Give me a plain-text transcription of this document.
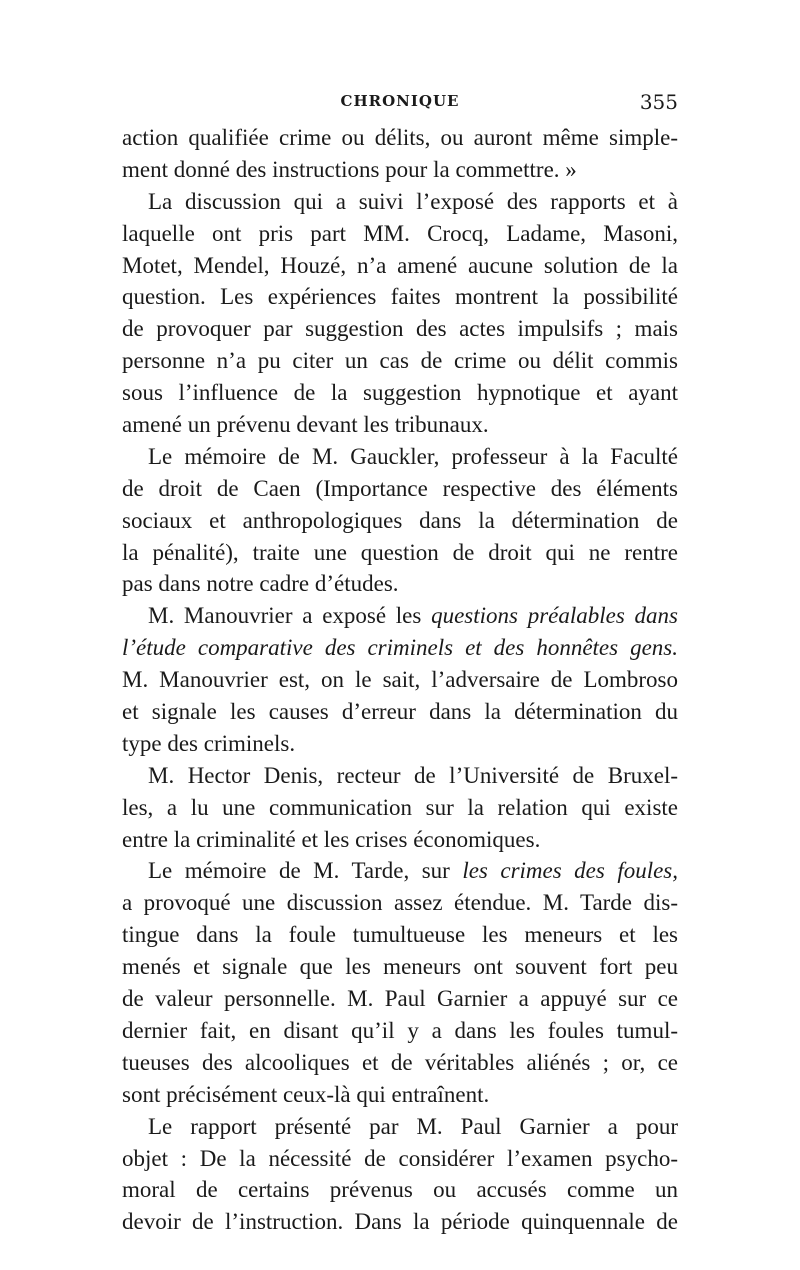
CHRONIQUE	355
action qualifiée crime ou délits, ou auront même simple-
ment donné des instructions pour la commettre. »
La discussion qui a suivi l’exposé des rapports et à
laquelle ont pris part MM. Crocq, Ladame, Masoni,
Motet, Mendel, Houzé, n’a amené aucune solution de la
question. Les expériences faites montrent la possibilité
de provoquer par suggestion des actes impulsifs ; mais
personne n’a pu citer un cas de crime ou délit commis
sous l’influence de la suggestion hypnotique et ayant
amené un prévenu devant les tribunaux.
Le mémoire de M. Gauckler, professeur à la Faculté
de droit de Caen (Importance respective des éléments
sociaux et anthropologiques dans la détermination de
la pénalité), traite une question de droit qui ne rentre
pas dans notre cadre d’études.
M. Manouvrier a exposé les questions préalables dans
l’étude comparative des criminels et des honnêtes gens.
M. Manouvrier est, on le sait, l’adversaire de Lombroso
et signale les causes d’erreur dans la détermination du
type des criminels.
M. Hector Denis, recteur de l’Université de Bruxel-
les, a lu une communication sur la relation qui existe
entre la criminalité et les crises économiques.
Le mémoire de M. Tarde, sur les crimes des foules,
a provoqué une discussion assez étendue. M. Tarde dis-
tingue dans la foule tumultueuse les meneurs et les
menés et signale que les meneurs ont souvent fort peu
de valeur personnelle. M. Paul Garnier a appuyé sur ce
dernier fait, en disant qu’il y a dans les foules tumul-
tueuses des alcooliques et de véritables aliénés ; or, ce
sont précisément ceux-là qui entraînent.
Le rapport présenté par M. Paul Garnier a pour
objet : De la nécessité de considérer l’examen psycho-
moral de certains prévenus ou accusés comme un
devoir de l’instruction. Dans la période quinquennale de
